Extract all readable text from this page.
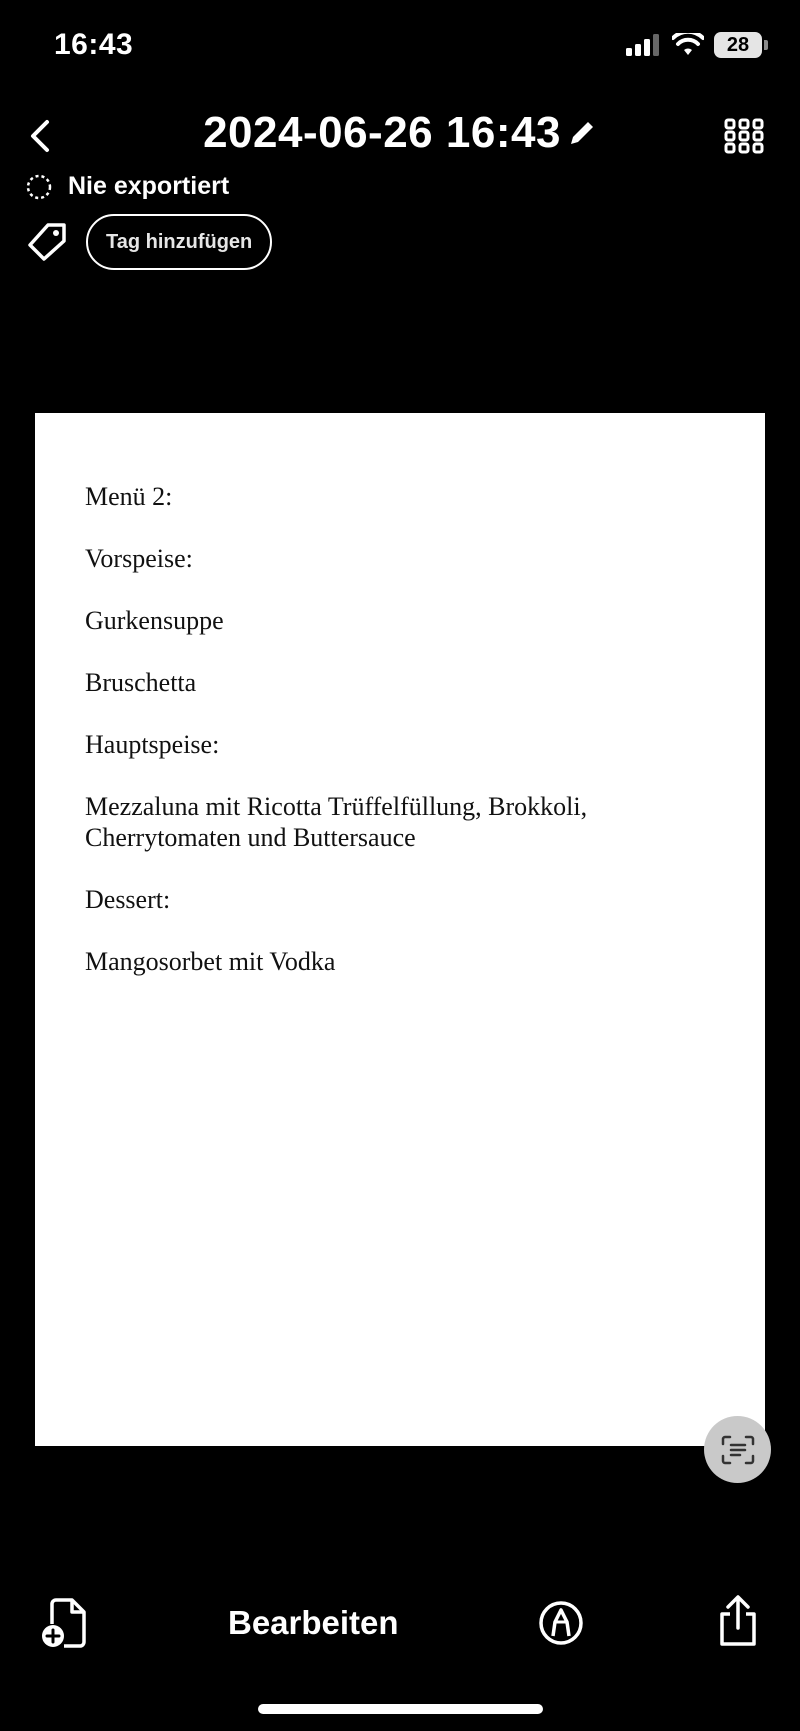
16:43	28
2024-06-26 16:43
Nie exportiert
Tag hinzufügen

Menü 2:

Vorspeise:

Gurkensuppe

Bruschetta

Hauptspeise:

Mezzaluna mit Ricotta Trüffelfüllung, Brokkoli, Cherrytomaten und Buttersauce

Dessert:

Mangosorbet mit Vodka

Bearbeiten
